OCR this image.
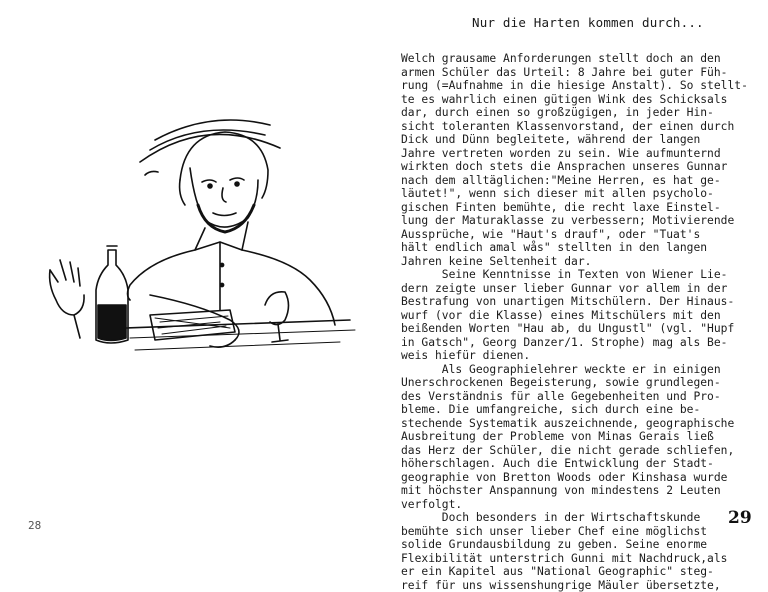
28
Nur die Harten kommen durch...
Welch grausame Anforderungen stellt doch an den
armen Schüler das Urteil: 8 Jahre bei guter Füh-
rung (=Aufnahme in die hiesige Anstalt). So stellt-
te es wahrlich einen gütigen Wink des Schicksals
dar, durch einen so großzügigen, in jeder Hin-
sicht toleranten Klassenvorstand, der einen durch
Dick und Dünn begleitete, während der langen
Jahre vertreten worden zu sein. Wie aufmunternd
wirkten doch stets die Ansprachen unseres Gunnar
nach dem alltäglichen:"Meine Herren, es hat ge-
läutet!", wenn sich dieser mit allen psycholo-
gischen Finten bemühte, die recht laxe Einstel-
lung der Maturaklasse zu verbessern; Motivierende
Aussprüche, wie "Haut's drauf", oder "Tuat's
hält endlich amal wås" stellten in den langen
Jahren keine Seltenheit dar.
Seine Kenntnisse in Texten von Wiener Lie-
dern zeigte unser lieber Gunnar vor allem in der
Bestrafung von unartigen Mitschülern. Der Hinaus-
wurf (vor die Klasse) eines Mitschülers mit den
beißenden Worten "Hau ab, du Ungustl" (vgl. "Hupf
in Gatsch", Georg Danzer/1. Strophe) mag als Be-
weis hiefür dienen.
Als Geographielehrer weckte er in einigen
Unerschrockenen Begeisterung, sowie grundlegen-
des Verständnis für alle Gegebenheiten und Pro-
bleme. Die umfangreiche, sich durch eine be-
stechende Systematik auszeichnende, geographische
Ausbreitung der Probleme von Minas Gerais ließ
das Herz der Schüler, die nicht gerade schliefen,
höherschlagen. Auch die Entwicklung der Stadt-
geographie von Bretton Woods oder Kinshasa wurde
mit höchster Anspannung von mindestens 2 Leuten
verfolgt.
Doch besonders in der Wirtschaftskunde
bemühte sich unser lieber Chef eine möglichst
solide Grundausbildung zu geben. Seine enorme
Flexibilität unterstrich Gunni mit Nachdruck,als
er ein Kapitel aus "National Geographic" steg-
reif für uns wissenshungrige Mäuler übersetzte,
29
